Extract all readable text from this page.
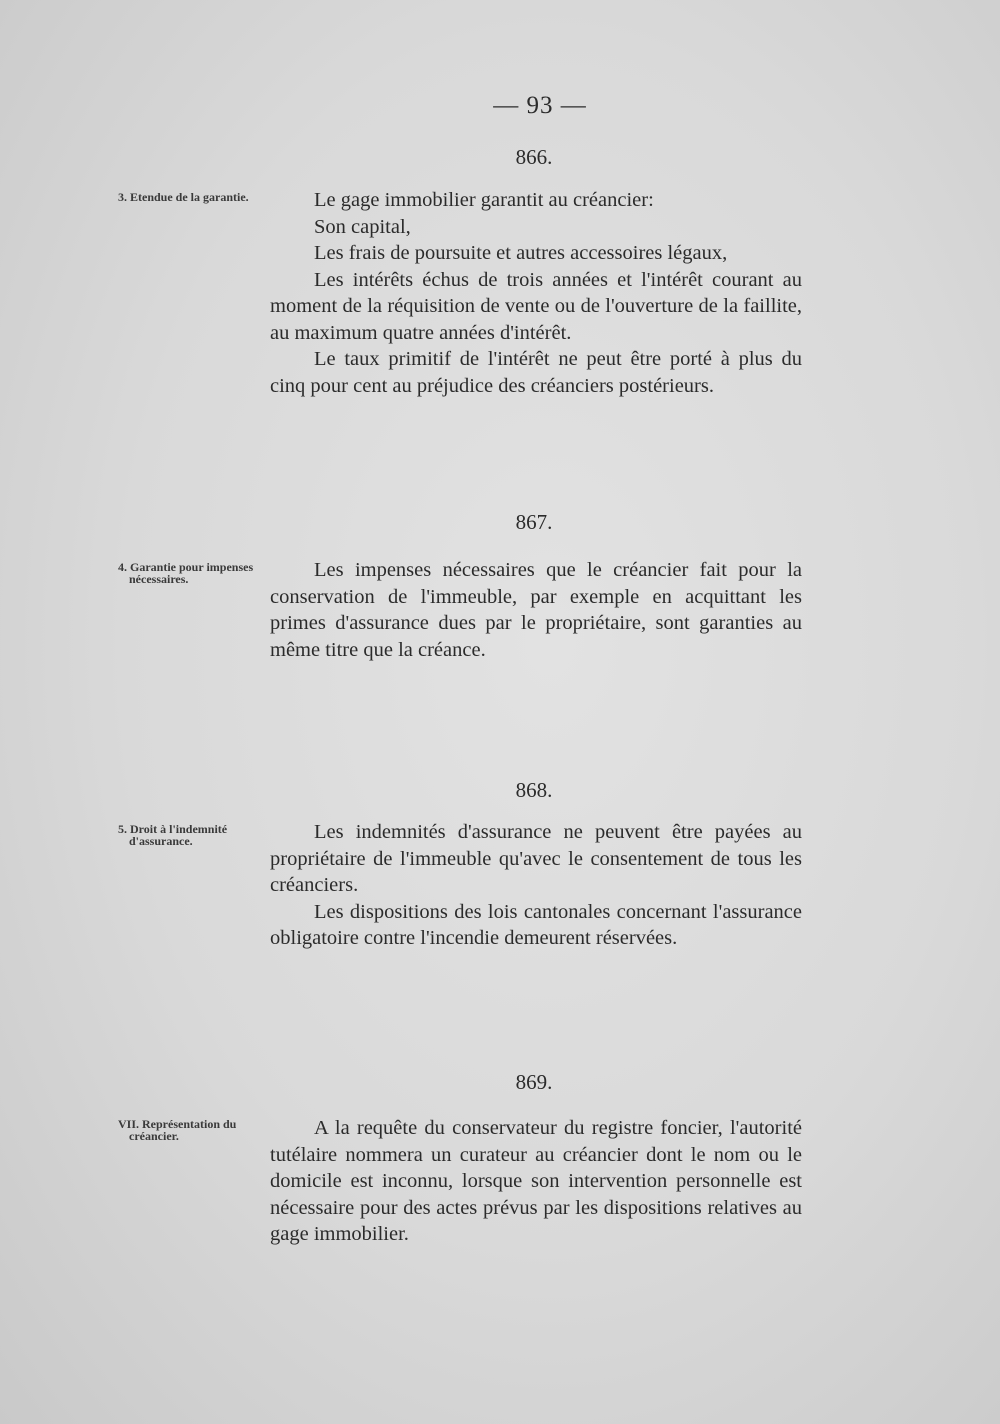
— 93 —
866.
3. Etendue de la garantie.	Le gage immobilier garantit au créancier:

Son capital,

Les frais de poursuite et autres accessoires légaux,

Les intérêts échus de trois années et l'intérêt courant au moment de la réquisition de vente ou de l'ouverture de la faillite, au maximum quatre années d'intérêt.

Le taux primitif de l'intérêt ne peut être porté à plus du cinq pour cent au préjudice des créanciers postérieurs.

867.
4. Garantie pour impenses nécessaires.	Les impenses nécessaires que le créancier fait pour la conservation de l'immeuble, par exemple en acquittant les primes d'assurance dues par le propriétaire, sont garanties au même titre que la créance.

868.
5. Droit à l'indemnité d'assurance.	Les indemnités d'assurance ne peuvent être payées au propriétaire de l'immeuble qu'avec le consentement de tous les créanciers.

Les dispositions des lois cantonales concernant l'assurance obligatoire contre l'incendie demeurent réservées.

869.
VII. Représentation du créancier.	A la requête du conservateur du registre foncier, l'autorité tutélaire nommera un curateur au créancier dont le nom ou le domicile est inconnu, lorsque son intervention personnelle est nécessaire pour des actes prévus par les dispositions relatives au gage immobilier.
